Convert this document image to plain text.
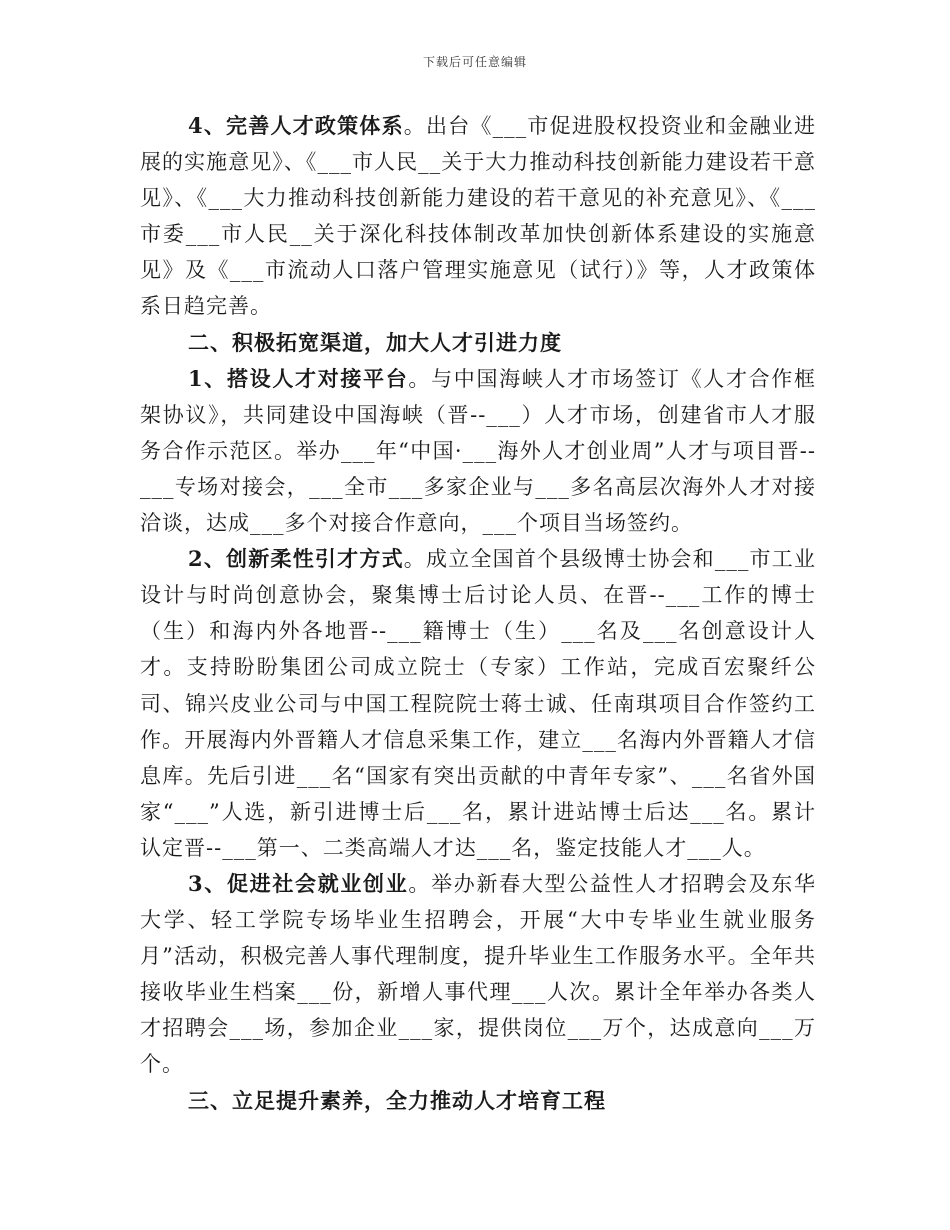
下载后可任意编辑

4、完善人才政策体系。出台《___市促进股权投资业和金融业进展的实施意见》、《___市人民__关于大力推动科技创新能力建设若干意见》、《___大力推动科技创新能力建设的若干意见的补充意见》、《___市委___市人民__关于深化科技体制改革加快创新体系建设的实施意见》及《___市流动人口落户管理实施意见（试行）》等，人才政策体系日趋完善。

二、积极拓宽渠道，加大人才引进力度

1、搭设人才对接平台。与中国海峡人才市场签订《人才合作框架协议》，共同建设中国海峡（晋--___）人才市场，创建省市人才服务合作示范区。举办___年“中国·___海外人才创业周”人才与项目晋--___专场对接会，___全市___多家企业与___多名高层次海外人才对接洽谈，达成___多个对接合作意向，___个项目当场签约。

2、创新柔性引才方式。成立全国首个县级博士协会和___市工业设计与时尚创意协会，聚集博士后讨论人员、在晋--___工作的博士（生）和海内外各地晋--___籍博士（生）___名及___名创意设计人才。支持盼盼集团公司成立院士（专家）工作站，完成百宏聚纤公司、锦兴皮业公司与中国工程院院士蒋士诚、任南琪项目合作签约工作。开展海内外晋籍人才信息采集工作，建立___名海内外晋籍人才信息库。先后引进___名“国家有突出贡献的中青年专家”、___名省外国家“___”人选，新引进博士后___名，累计进站博士后达___名。累计认定晋--___第一、二类高端人才达___名，鉴定技能人才___人。

3、促进社会就业创业。举办新春大型公益性人才招聘会及东华大学、轻工学院专场毕业生招聘会，开展“大中专毕业生就业服务月”活动，积极完善人事代理制度，提升毕业生工作服务水平。全年共接收毕业生档案___份，新增人事代理___人次。累计全年举办各类人才招聘会___场，参加企业___家，提供岗位___万个，达成意向___万个。

三、立足提升素养，全力推动人才培育工程
